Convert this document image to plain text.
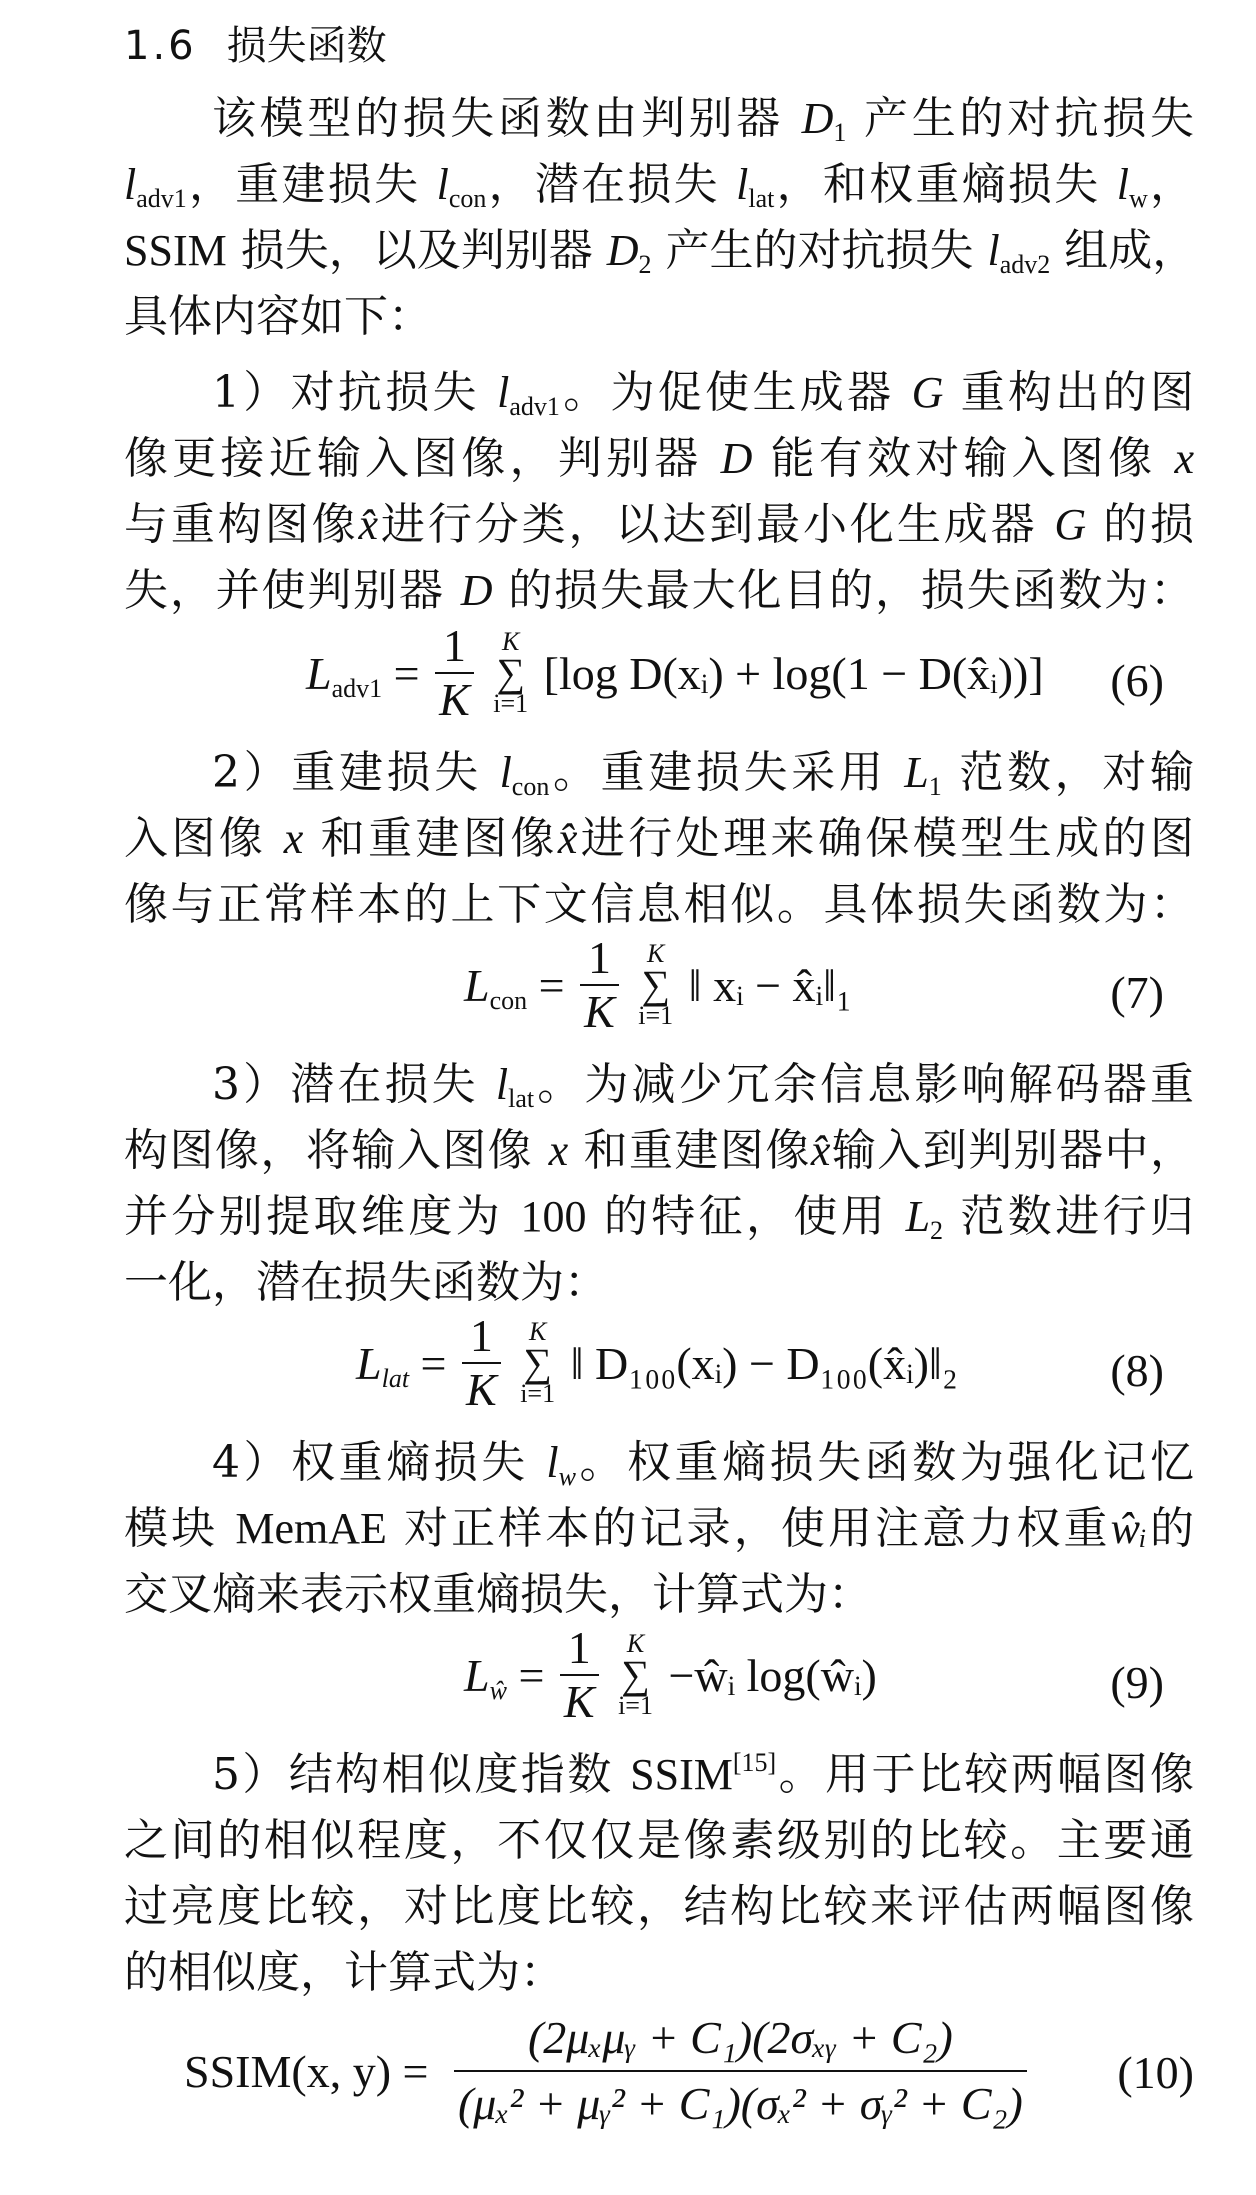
1.6 损失函数
该模型的损失函数由判别器 $D_1$ 产生的对抗损失
$l_{adv1}$，重建损失 $l_{con}$，潜在损失 $l_{lat}$，和权重熵损失 $l_w$，
SSIM 损失，以及判别器 $D_2$ 产生的对抗损失 $l_{adv2}$ 组成，
具体内容如下：
1）对抗损失 $l_{adv1}$。为促使生成器 G 重构出的图
像更接近输入图像，判别器 D 能有效对输入图像 x
与重构图像x̂进行分类，以达到最小化生成器 G 的损
失，并使判别器 D 的损失最大化目的，损失函数为：
$L_{adv1} = \frac{1}{K}$
	K
∑
i=1
[log D(xᵢ) + log(1 − D(x̂ᵢ))] (6)
2）重建损失 $l_{con}$。重建损失采用 $L_1$ 范数，对输
入图像 x 和重建图像x̂进行处理来确保模型生成的图
像与正常样本的上下文信息相似。具体损失函数为：
$L_{con} = \frac{1}{K}$
	K
∑
i=1
‖ xᵢ − x̂ᵢ‖₁	(7)
3）潜在损失 $l_{lat}$。为减少冗余信息影响解码器重
构图像，将输入图像 x 和重建图像x̂输入到判别器中，
并分别提取维度为 100 的特征，使用 $L_2$ 范数进行归
一化，潜在损失函数为：
$L_{lat} = \frac{1}{K}$
	K
∑
i=1
‖ D₁₀₀(xᵢ) − D₁₀₀(x̂ᵢ)‖₂	(8)
4）权重熵损失 $l_w$。权重熵损失函数为强化记忆
模块 MemAE 对正样本的记录，使用注意力权重ŵᵢ的
交叉熵来表示权重熵损失，计算式为：
$L_ŵ = \frac{1}{K}$
	K
∑
i=1
−ŵᵢ log(ŵᵢ)	(9)
5）结构相似度指数 SSIM[15]。用于比较两幅图像
之间的相似程度，不仅仅是像素级别的比较。主要通
过亮度比较，对比度比较，结构比较来评估两幅图像
的相似度，计算式为：
SSIM(x, $y) = \frac{\text{(2μₓμᵧ + C₁)(2σₓᵧ + C₂)}}{\text{(μₓ² + μᵧ² + C₁)(σₓ² + σᵧ² + C₂)}} (10)$
